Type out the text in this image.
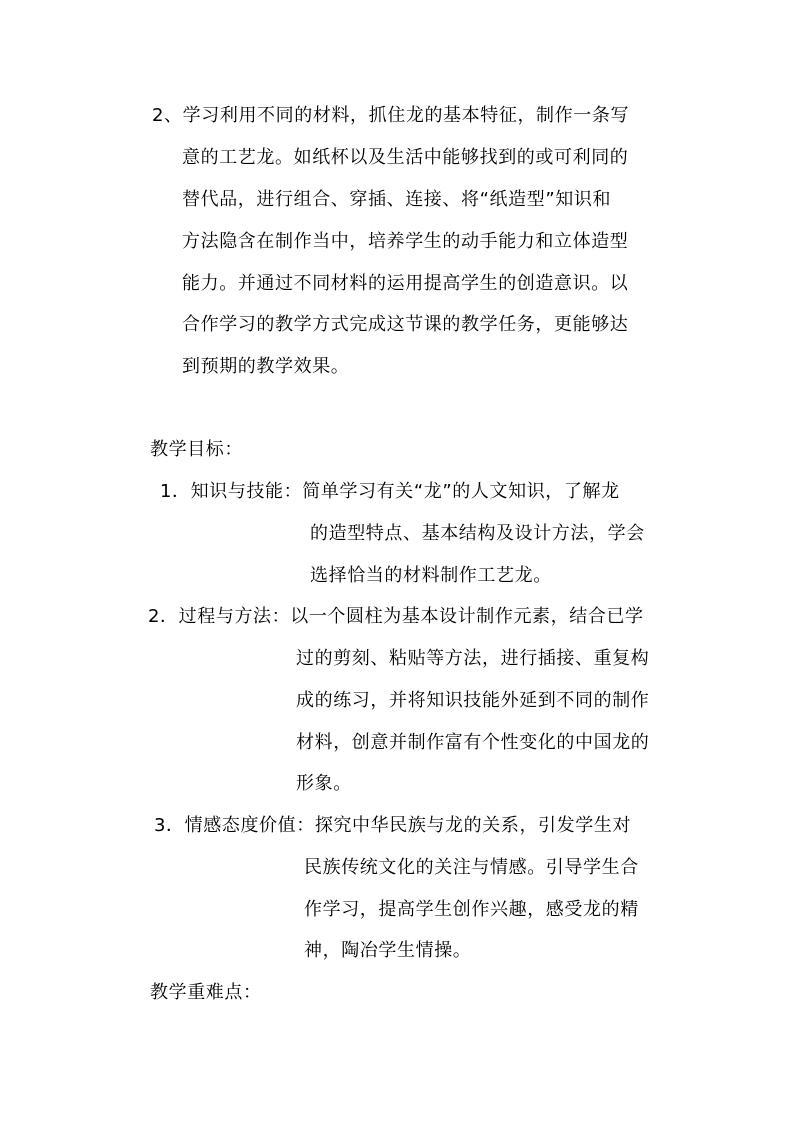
2、学习利用不同的材料，抓住龙的基本特征，制作一条写
意的工艺龙。如纸杯以及生活中能够找到的或可利同的
替代品，进行组合、穿插、连接、将“纸造型”知识和
方法隐含在制作当中，培养学生的动手能力和立体造型
能力。并通过不同材料的运用提高学生的创造意识。以
合作学习的教学方式完成这节课的教学任务，更能够达
到预期的教学效果。
教学目标：
1．知识与技能：简单学习有关“龙”的人文知识，了解龙
的造型特点、基本结构及设计方法，学会
选择恰当的材料制作工艺龙。
2．过程与方法：以一个圆柱为基本设计制作元素，结合已学
过的剪刻、粘贴等方法，进行插接、重复构
成的练习，并将知识技能外延到不同的制作
材料，创意并制作富有个性变化的中国龙的
形象。
3．情感态度价值：探究中华民族与龙的关系，引发学生对
民族传统文化的关注与情感。引导学生合
作学习，提高学生创作兴趣，感受龙的精
神，陶冶学生情操。
教学重难点：
